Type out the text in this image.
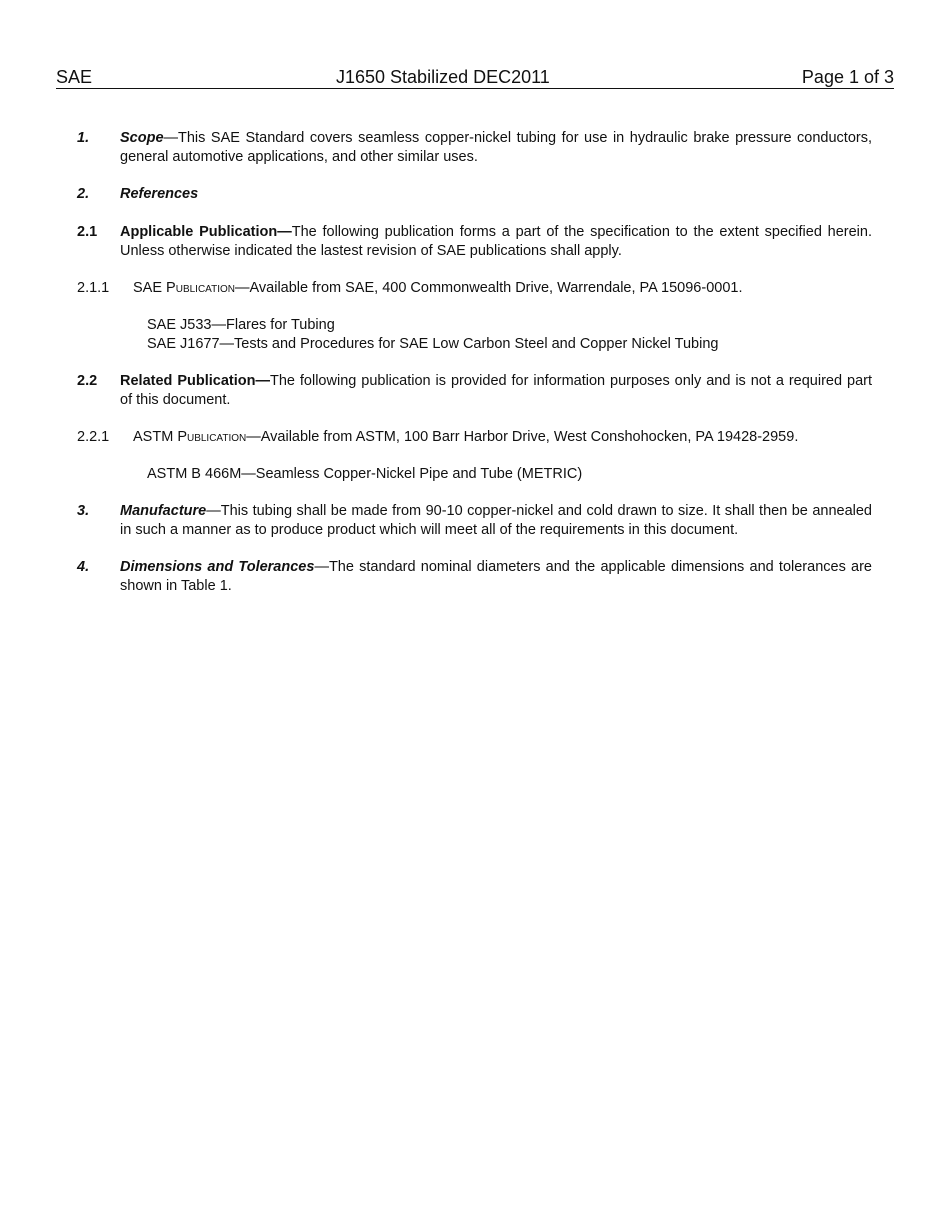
SAE	J1650 Stabilized DEC2011	Page 1 of 3
1. Scope—This SAE Standard covers seamless copper-nickel tubing for use in hydraulic brake pressure conductors, general automotive applications, and other similar uses.
2. References
2.1 Applicable Publication—The following publication forms a part of the specification to the extent specified herein. Unless otherwise indicated the lastest revision of SAE publications shall apply.
2.1.1 SAE Publication—Available from SAE, 400 Commonwealth Drive, Warrendale, PA 15096-0001.
SAE J533—Flares for Tubing
SAE J1677—Tests and Procedures for SAE Low Carbon Steel and Copper Nickel Tubing
2.2 Related Publication—The following publication is provided for information purposes only and is not a required part of this document.
2.2.1 ASTM Publication—Available from ASTM, 100 Barr Harbor Drive, West Conshohocken, PA 19428-2959.
ASTM B 466M—Seamless Copper-Nickel Pipe and Tube (METRIC)
3. Manufacture—This tubing shall be made from 90-10 copper-nickel and cold drawn to size. It shall then be annealed in such a manner as to produce product which will meet all of the requirements in this document.
4. Dimensions and Tolerances—The standard nominal diameters and the applicable dimensions and tolerances are shown in Table 1.
